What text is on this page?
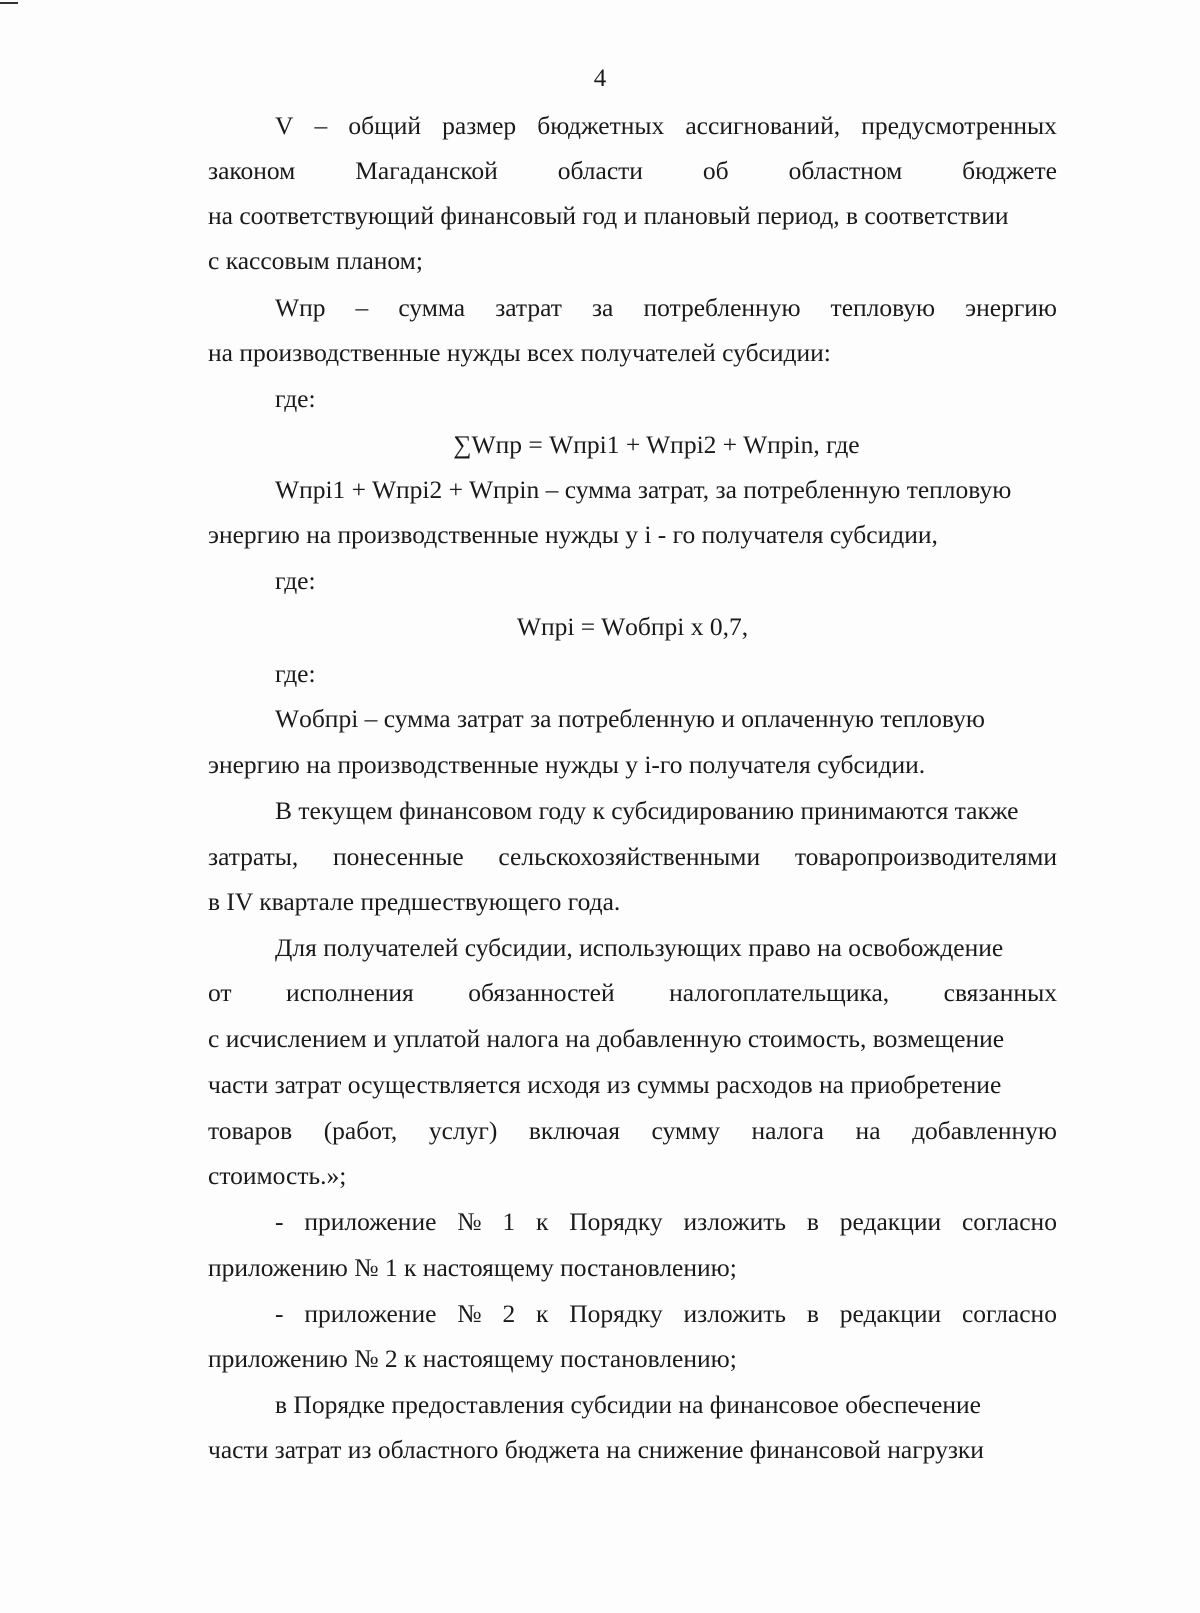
4
V – общий размер бюджетных ассигнований, предусмотренных
законом Магаданской области об областном бюджете
на соответствующий финансовый год и плановый период, в соответствии
с кассовым планом;
Wпр – сумма затрат за потребленную тепловую энергию
на производственные нужды всех получателей субсидии:
где:
∑Wпр = Wпрi1 + Wпрi2 + Wпрin, где
Wпрi1 + Wпрi2 + Wпрin – сумма затрат, за потребленную тепловую
энергию на производственные нужды у i - го получателя субсидии,
где:
Wпрi = Wобпрi х 0,7,
где:
Wобпрi – сумма затрат за потребленную и оплаченную тепловую
энергию на производственные нужды у i-го получателя субсидии.
В текущем финансовом году к субсидированию принимаются также
затраты, понесенные сельскохозяйственными товаропроизводителями
в IV квартале предшествующего года.
Для получателей субсидии, использующих право на освобождение
от исполнения обязанностей налогоплательщика, связанных
с исчислением и уплатой налога на добавленную стоимость, возмещение
части затрат осуществляется исходя из суммы расходов на приобретение
товаров (работ, услуг) включая сумму налога на добавленную
стоимость.»;
- приложение № 1 к Порядку изложить в редакции согласно
приложению № 1 к настоящему постановлению;
- приложение № 2 к Порядку изложить в редакции согласно
приложению № 2 к настоящему постановлению;
в Порядке предоставления субсидии на финансовое обеспечение
части затрат из областного бюджета на снижение финансовой нагрузки
